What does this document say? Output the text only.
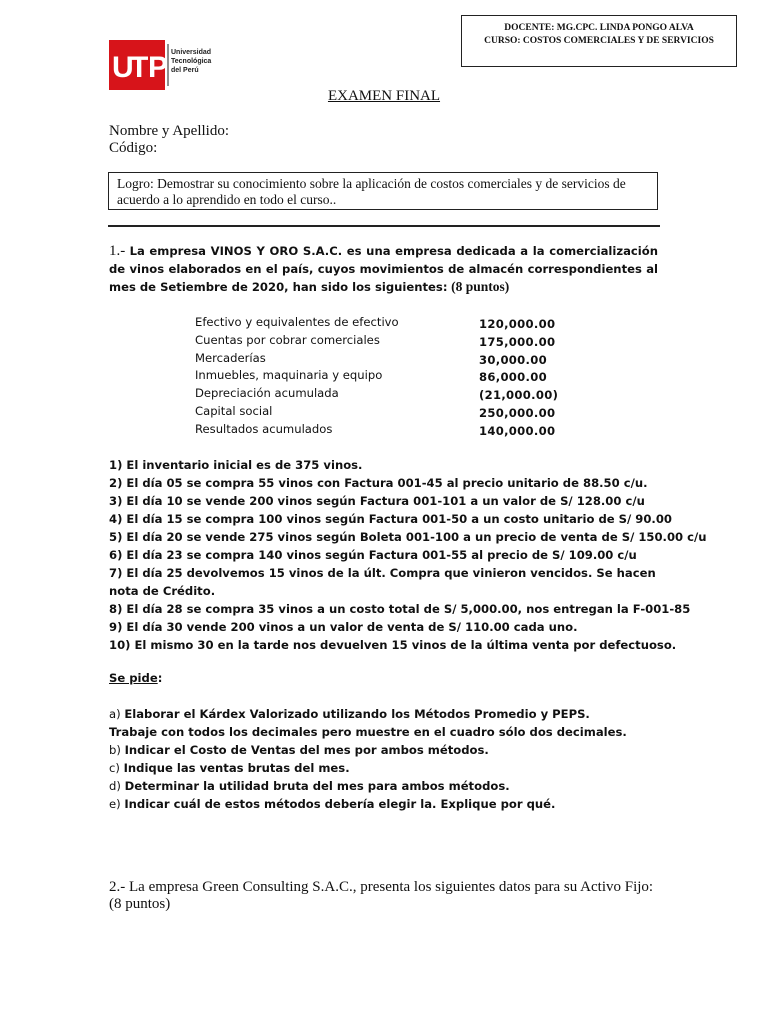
DOCENTE: MG.CPC. LINDA PONGO ALVA
CURSO: COSTOS COMERCIALES Y DE SERVICIOS
U
T P Universidad
Tecnológica
del Perú
EXAMEN FINAL
Nombre y Apellido:
Código:
Logro: Demostrar su conocimiento sobre la aplicación de costos comerciales y de servicios de acuerdo a lo aprendido en todo el curso..
1.- La empresa VINOS Y ORO S.A.C. es una empresa dedicada a la comercialización de vinos elaborados en el país, cuyos movimientos de almacén correspondientes al mes de Setiembre de 2020, han sido los siguientes: (8 puntos)
Efectivo y equivalentes de efectivo	120,000.00
Cuentas por cobrar comerciales	175,000.00
Mercaderías	30,000.00
Inmuebles, maquinaria y equipo	86,000.00
Depreciación acumulada	(21,000.00)
Capital social	250,000.00
Resultados acumulados	140,000.00
1) El inventario inicial es de 375 vinos.
2) El día 05 se compra 55 vinos con Factura 001-45 al precio unitario de 88.50 c/u.
3) El día 10 se vende 200 vinos según Factura 001-101 a un valor de S/ 128.00 c/u
4) El día 15 se compra 100 vinos según Factura 001-50 a un costo unitario de S/ 90.00
5) El día 20 se vende 275 vinos según Boleta 001-100 a un precio de venta de S/ 150.00 c/u
6) El día 23 se compra 140 vinos según Factura 001-55 al precio de S/ 109.00 c/u
7) El día 25 devolvemos 15 vinos de la últ. Compra que vinieron vencidos. Se hacen nota de Crédito.
8) El día 28 se compra 35 vinos a un costo total de S/ 5,000.00, nos entregan la F-001-85
9) El día 30 vende 200 vinos a un valor de venta de S/ 110.00 cada uno.
10) El mismo 30 en la tarde nos devuelven 15 vinos de la última venta por defectuoso.
Se pide:
a) Elaborar el Kárdex Valorizado utilizando los Métodos Promedio y PEPS. Trabaje con todos los decimales pero muestre en el cuadro sólo dos decimales.
b) Indicar el Costo de Ventas del mes por ambos métodos.
c) Indique las ventas brutas del mes.
d) Determinar la utilidad bruta del mes para ambos métodos.
e) Indicar cuál de estos métodos debería elegir la. Explique por qué.
2.- La empresa Green Consulting S.A.C., presenta los siguientes datos para su Activo Fijo: (8 puntos)
